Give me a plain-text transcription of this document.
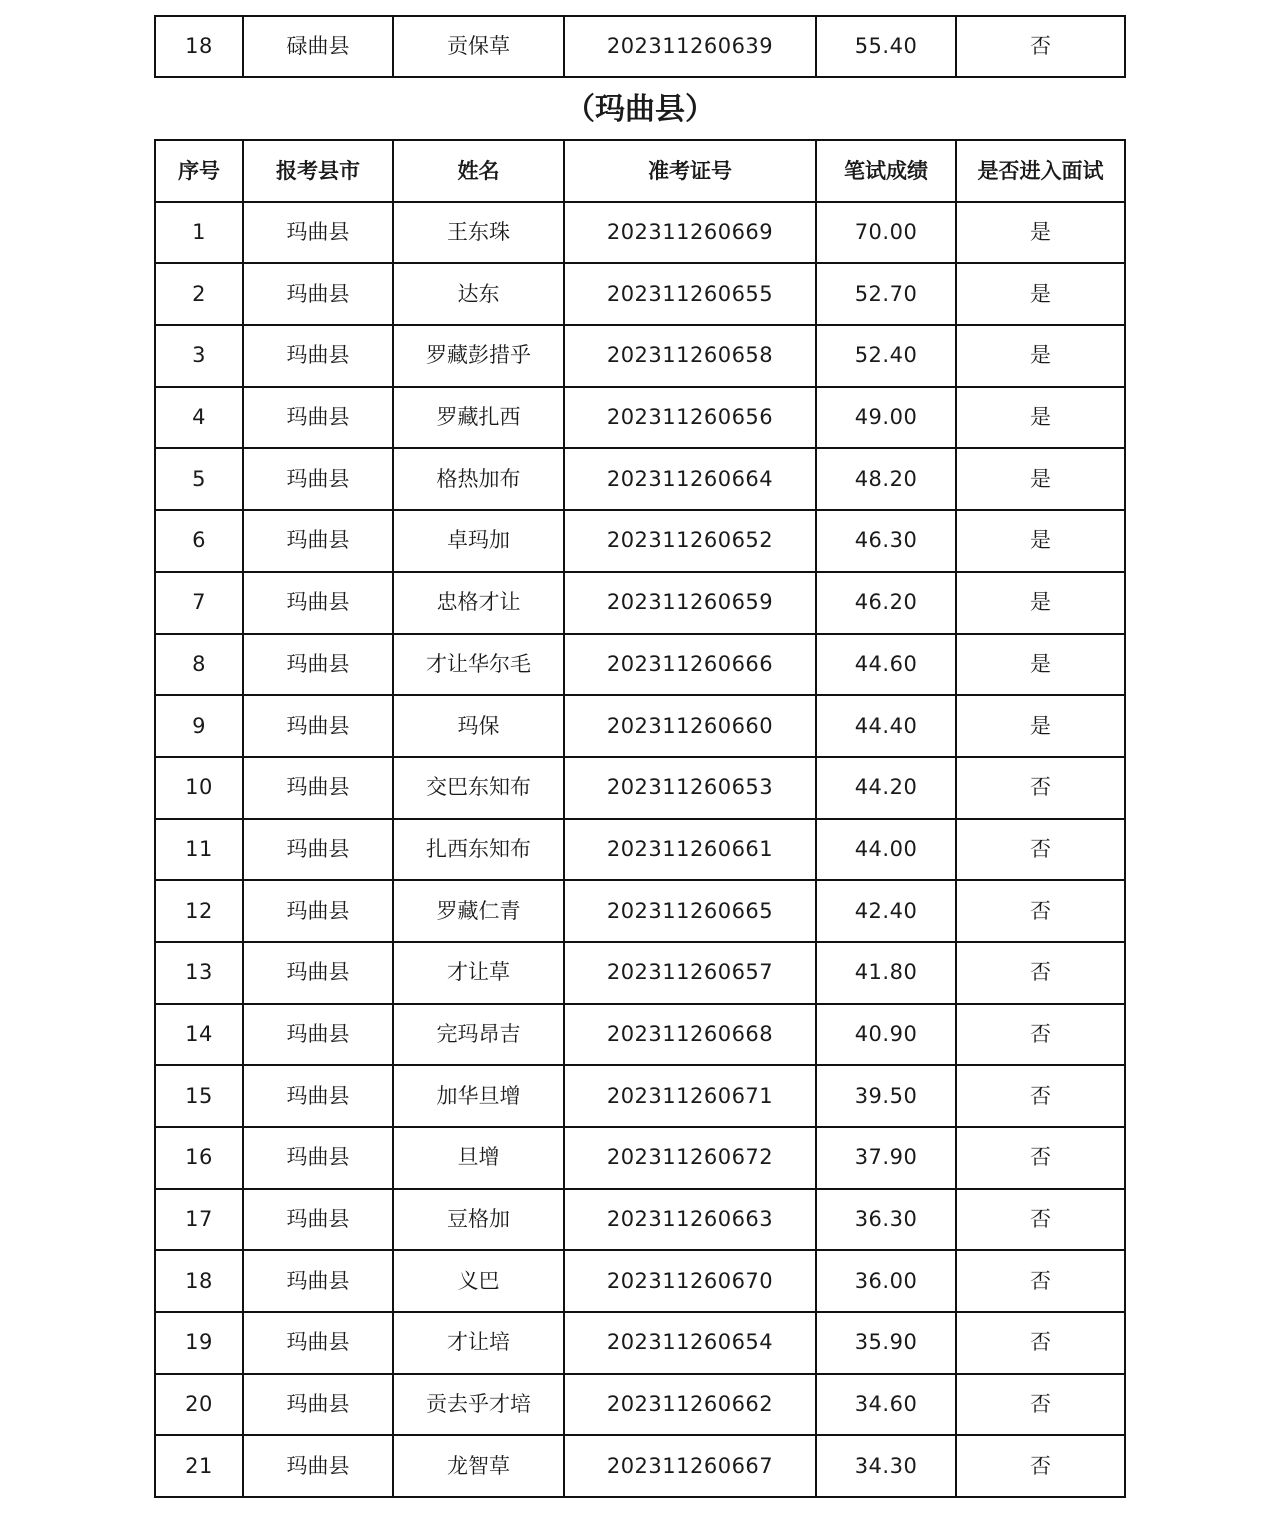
18	碌曲县	贡保草	202311260639	55.40	否
（玛曲县）
序号	报考县市	姓名	准考证号	笔试成绩	是否进入面试
1	玛曲县	王东珠	202311260669	70.00	是
2	玛曲县	达东	202311260655	52.70	是
3	玛曲县	罗藏彭措乎	202311260658	52.40	是
4	玛曲县	罗藏扎西	202311260656	49.00	是
5	玛曲县	格热加布	202311260664	48.20	是
6	玛曲县	卓玛加	202311260652	46.30	是
7	玛曲县	忠格才让	202311260659	46.20	是
8	玛曲县	才让华尔毛	202311260666	44.60	是
9	玛曲县	玛保	202311260660	44.40	是
10	玛曲县	交巴东知布	202311260653	44.20	否
11	玛曲县	扎西东知布	202311260661	44.00	否
12	玛曲县	罗藏仁青	202311260665	42.40	否
13	玛曲县	才让草	202311260657	41.80	否
14	玛曲县	完玛昂吉	202311260668	40.90	否
15	玛曲县	加华旦增	202311260671	39.50	否
16	玛曲县	旦增	202311260672	37.90	否
17	玛曲县	豆格加	202311260663	36.30	否
18	玛曲县	义巴	202311260670	36.00	否
19	玛曲县	才让培	202311260654	35.90	否
20	玛曲县	贡去乎才培	202311260662	34.60	否
21	玛曲县	龙智草	202311260667	34.30	否
